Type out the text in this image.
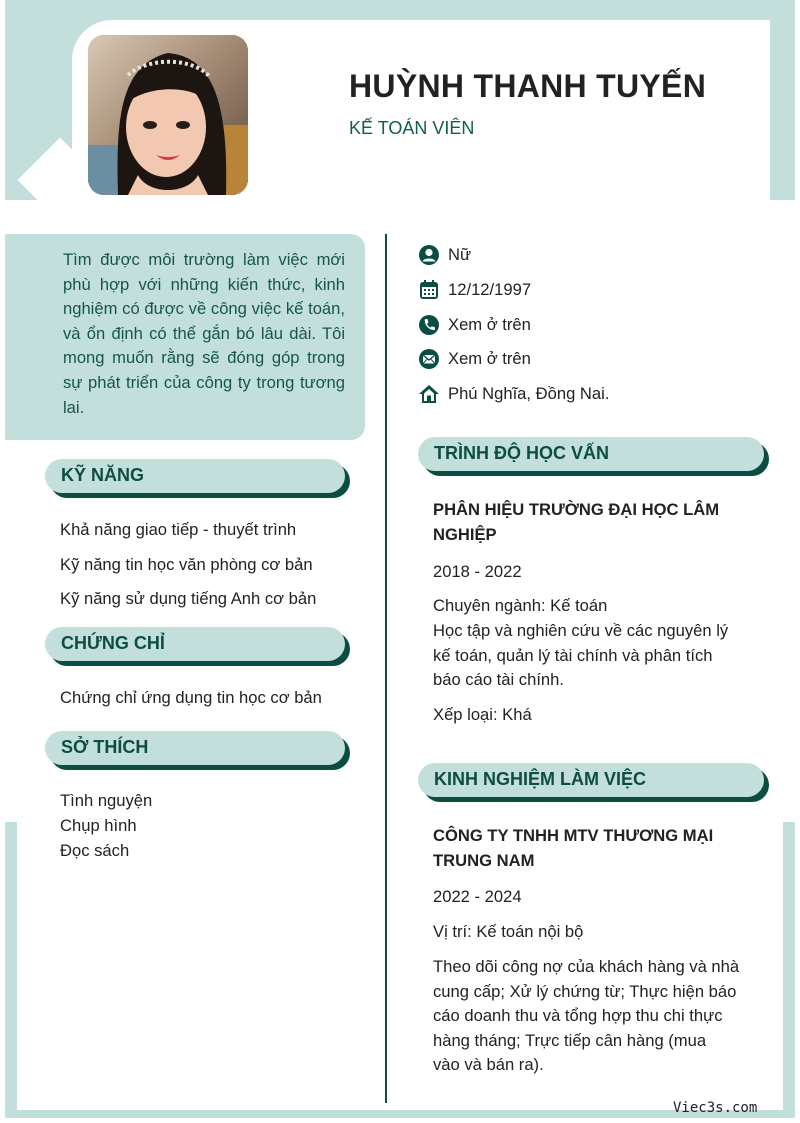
HUỲNH THANH TUYẾN
KẾ TOÁN VIÊN

Tìm được môi trường làm việc mới phù hợp với những kiến thức, kinh nghiệm có được về công việc kế toán, và ổn định có thể gắn bó lâu dài. Tôi mong muốn rằng sẽ đóng góp trong sự phát triển của công ty trong tương lai.

Nữ
12/12/1997
Xem ở trên
Xem ở trên
Phú Nghĩa, Đồng Nai.
KỸ NĂNG
Khả năng giao tiếp - thuyết trình
Kỹ năng tin học văn phòng cơ bản
Kỹ năng sử dụng tiếng Anh cơ bản
CHỨNG CHỈ
Chứng chỉ ứng dụng tin học cơ bản
SỞ THÍCH
Tình nguyện
Chụp hình
Đọc sách
TRÌNH ĐỘ HỌC VẤN
PHÂN HIỆU TRƯỜNG ĐẠI HỌC LÂM
NGHIỆP
2018 - 2022
Chuyên ngành: Kế toán
Học tập và nghiên cứu về các nguyên lý
kế toán, quản lý tài chính và phân tích
báo cáo tài chính.
Xếp loại: Khá
KINH NGHIỆM LÀM VIỆC
CÔNG TY TNHH MTV THƯƠNG MẠI
TRUNG NAM
2022 - 2024
Vị trí: Kế toán nội bộ
Theo dõi công nợ của khách hàng và nhà
cung cấp; Xử lý chứng từ; Thực hiện báo
cáo doanh thu và tổng hợp thu chi thực
hàng tháng; Trực tiếp cân hàng (mua
vào và bán ra).
Viec3s.com
